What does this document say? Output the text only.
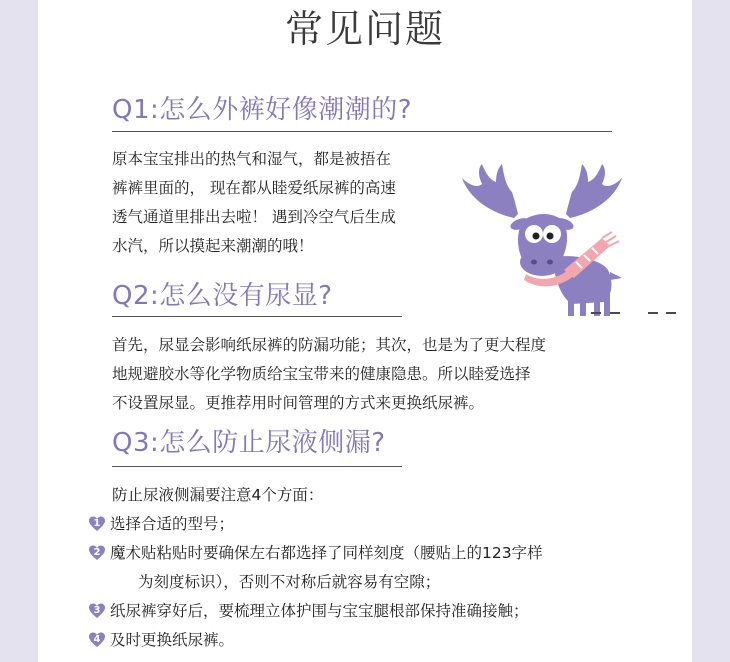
常见问题
Q1:怎么外裤好像潮潮的?
原本宝宝排出的热气和湿气，都是被捂在
裤裤里面的， 现在都从睦爱纸尿裤的高速
透气通道里排出去啦！ 遇到冷空气后生成
水汽，所以摸起来潮潮的哦！
Q2:怎么没有尿显?
首先，尿显会影响纸尿裤的防漏功能；其次，也是为了更大程度
地规避胶水等化学物质给宝宝带来的健康隐患。所以睦爱选择
不设置尿显。更推荐用时间管理的方式来更换纸尿裤。
Q3:怎么防止尿液侧漏?
防止尿液侧漏要注意4个方面：
1 选择合适的型号；
2 魔术贴粘贴时要确保左右都选择了同样刻度（腰贴上的123字样
为刻度标识），否则不对称后就容易有空隙；
3 纸尿裤穿好后，要梳理立体护围与宝宝腿根部保持准确接触；
4 及时更换纸尿裤。
